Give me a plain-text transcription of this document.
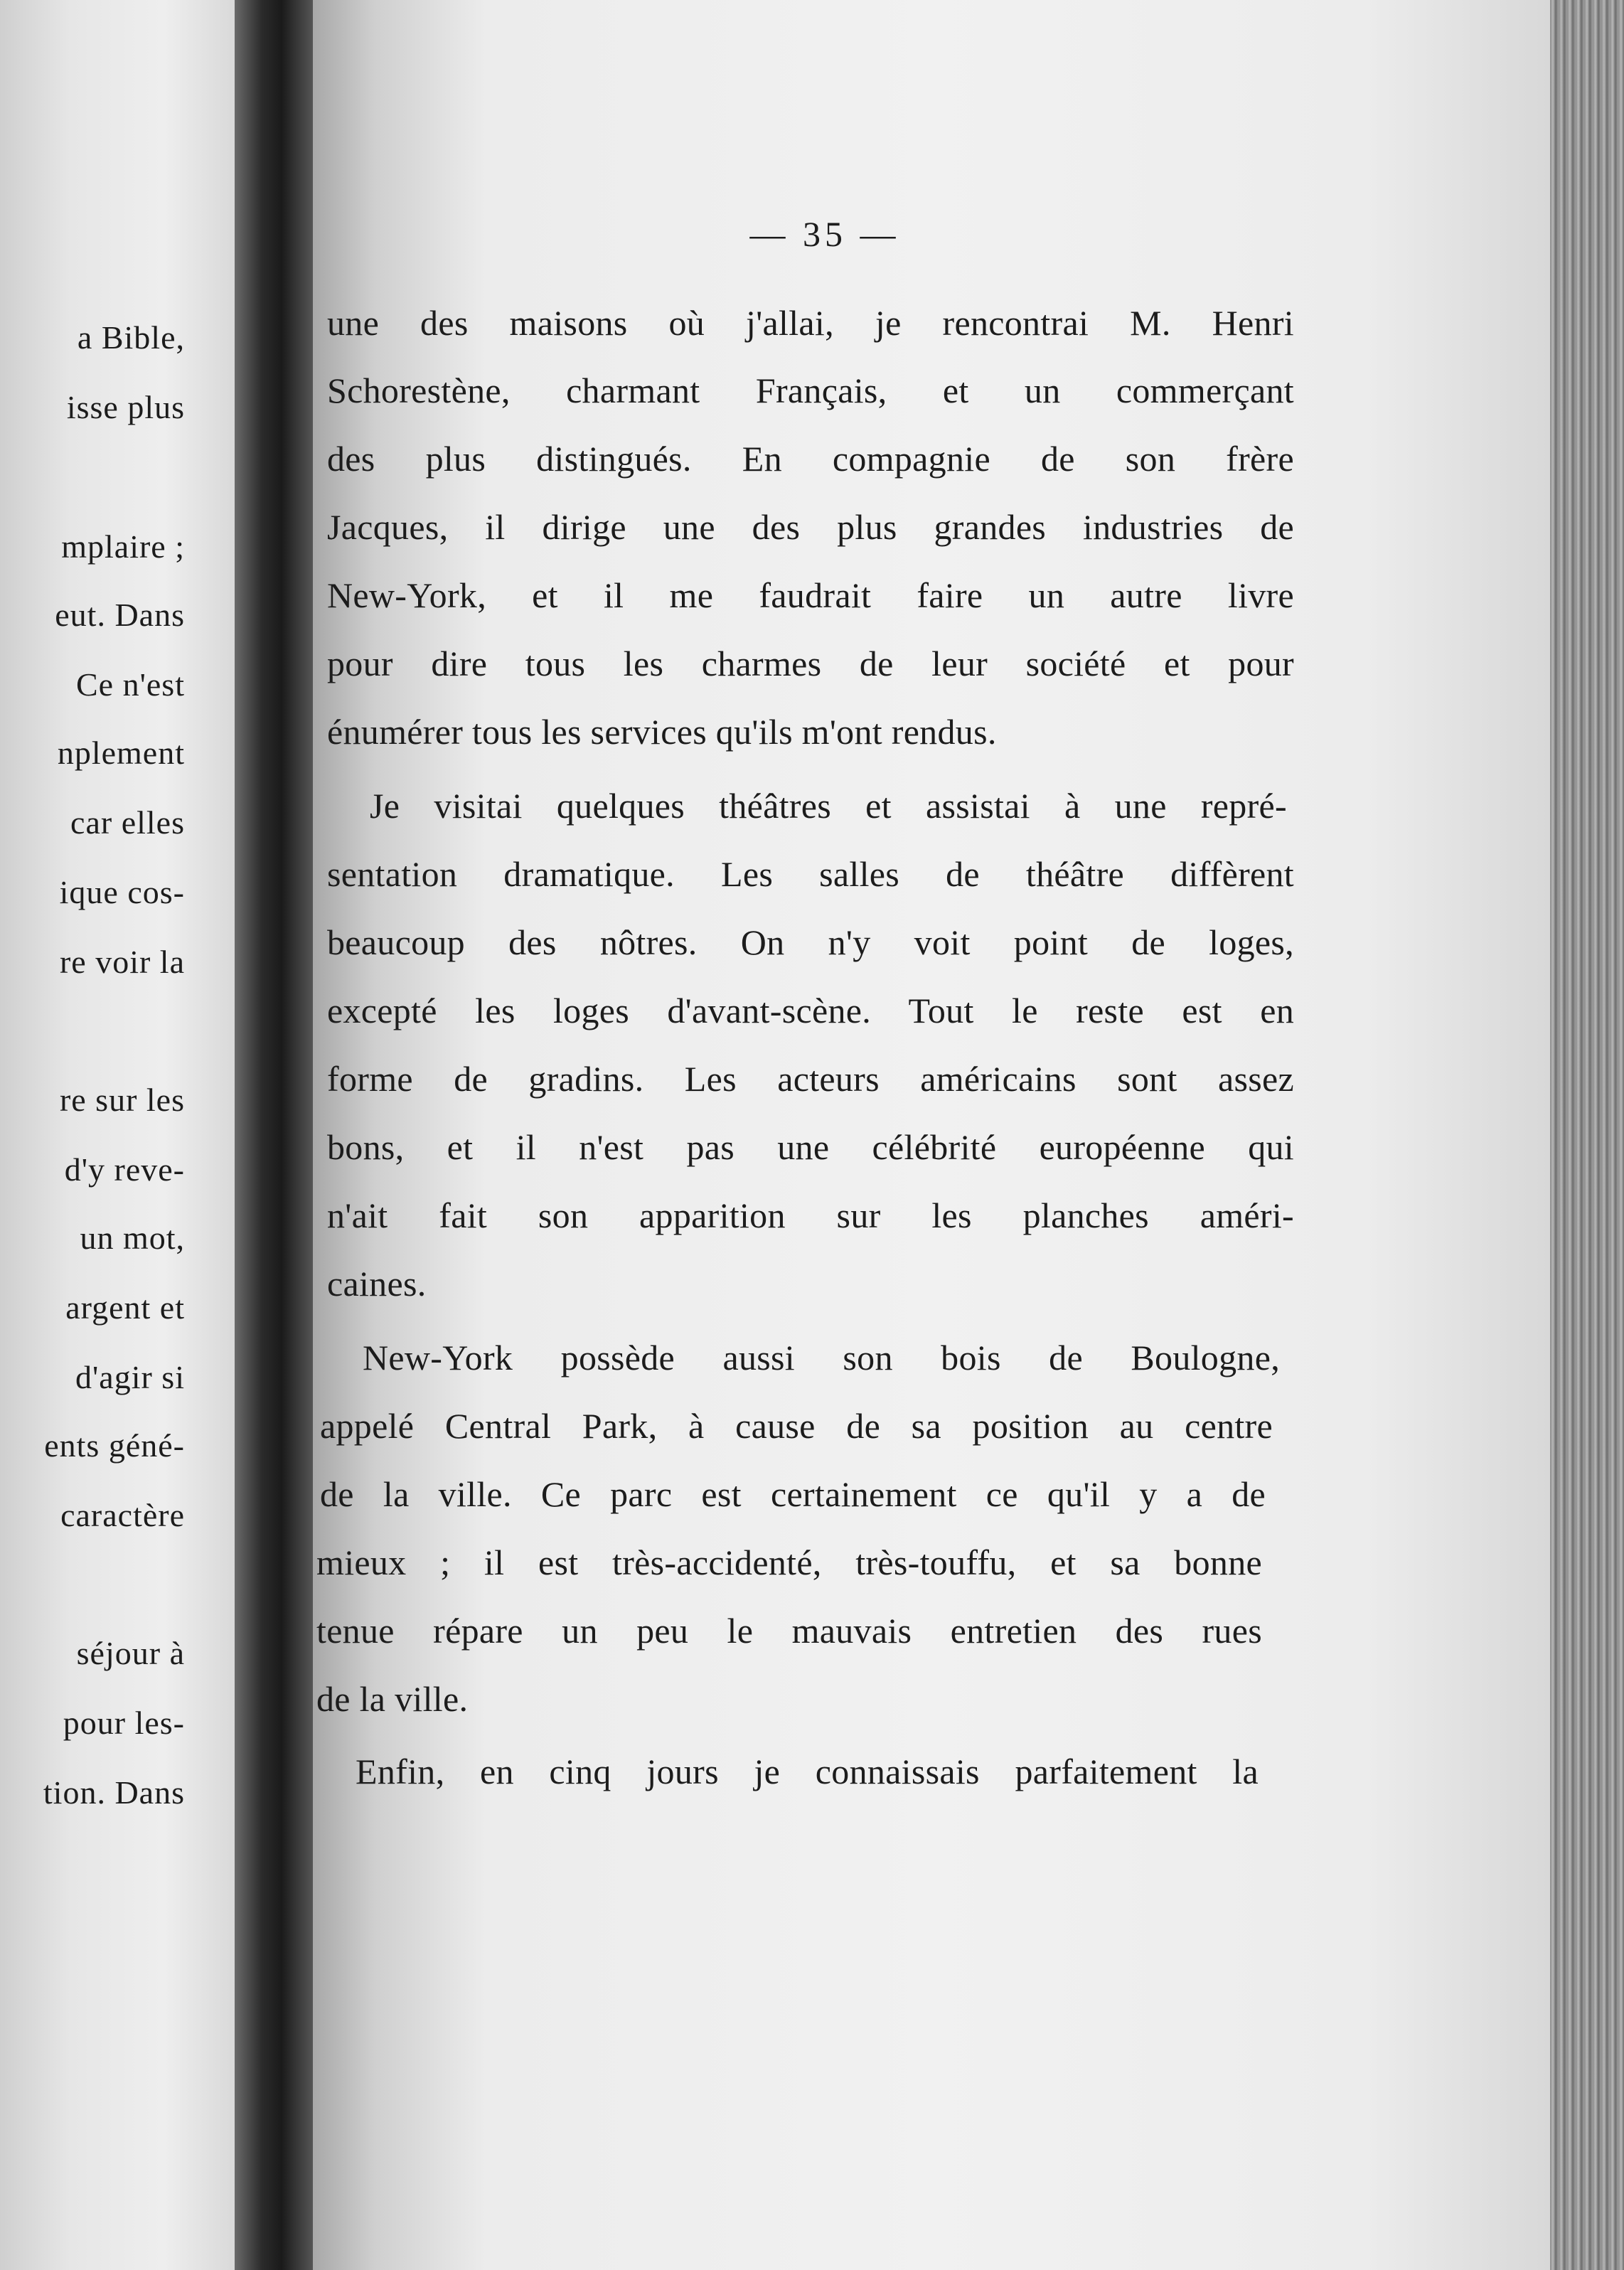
a Bible,
isse plus
mplaire ;
eut. Dans
Ce n'est
nplement
car elles
ique cos-
re voir la
re sur les
d'y reve-
un mot,
argent et
d'agir si
ents géné-
caractère
séjour à
pour les-
tion. Dans
— 35 —
une des maisons où j'allai, je rencontrai M. Henri
Schorestène, charmant Français, et un commerçant
des plus distingués. En compagnie de son frère
Jacques, il dirige une des plus grandes industries de
New-York, et il me faudrait faire un autre livre
pour dire tous les charmes de leur société et pour
énumérer tous les services qu'ils m'ont rendus.
Je visitai quelques théâtres et assistai à une repré-
sentation dramatique. Les salles de théâtre diffèrent
beaucoup des nôtres. On n'y voit point de loges,
excepté les loges d'avant-scène. Tout le reste est en
forme de gradins. Les acteurs américains sont assez
bons, et il n'est pas une célébrité européenne qui
n'ait fait son apparition sur les planches améri-
caines.
New-York possède aussi son bois de Boulogne,
appelé Central Park, à cause de sa position au centre
de la ville. Ce parc est certainement ce qu'il y a de
mieux ; il est très-accidenté, très-touffu, et sa bonne
tenue répare un peu le mauvais entretien des rues
de la ville.
Enfin, en cinq jours je connaissais parfaitement la
